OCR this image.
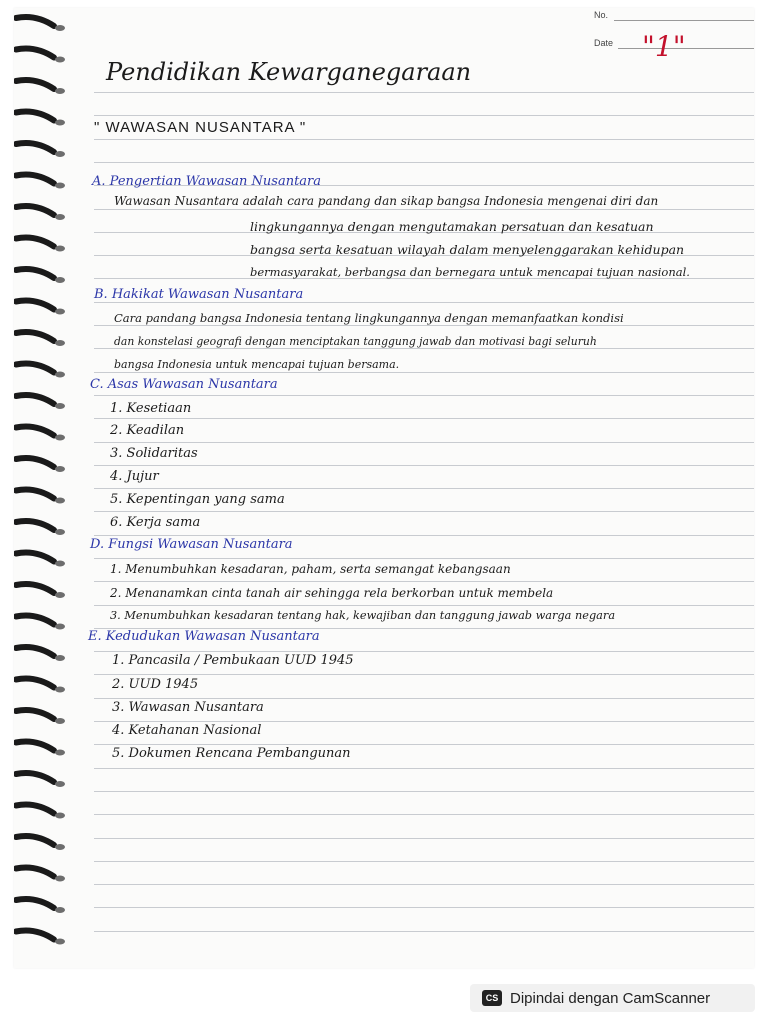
No.
Date "1"
Pendidikan Kewarganegaraan
" WAWASAN NUSANTARA "
A. Pengertian Wawasan Nusantara
Wawasan Nusantara adalah cara pandang dan sikap bangsa Indonesia mengenai diri dan
lingkungannya dengan mengutamakan persatuan dan kesatuan
bangsa serta kesatuan wilayah dalam menyelenggarakan kehidupan
bermasyarakat, berbangsa dan bernegara untuk mencapai tujuan nasional.
B. Hakikat Wawasan Nusantara
Cara pandang bangsa Indonesia tentang lingkungannya dengan memanfaatkan kondisi
dan konstelasi geografi dengan menciptakan tanggung jawab dan motivasi bagi seluruh
bangsa Indonesia untuk mencapai tujuan bersama.
C. Asas Wawasan Nusantara
1. Kesetiaan
2. Keadilan
3. Solidaritas
4. Jujur
5. Kepentingan yang sama
6. Kerja sama
D. Fungsi Wawasan Nusantara
1. Menumbuhkan kesadaran, paham, serta semangat kebangsaan
2. Menanamkan cinta tanah air sehingga rela berkorban untuk membela
3. Menumbuhkan kesadaran tentang hak, kewajiban dan tanggung jawab warga negara
E. Kedudukan Wawasan Nusantara
1. Pancasila / Pembukaan UUD 1945
2. UUD 1945
3. Wawasan Nusantara
4. Ketahanan Nasional
5. Dokumen Rencana Pembangunan
CS Dipindai dengan CamScanner
